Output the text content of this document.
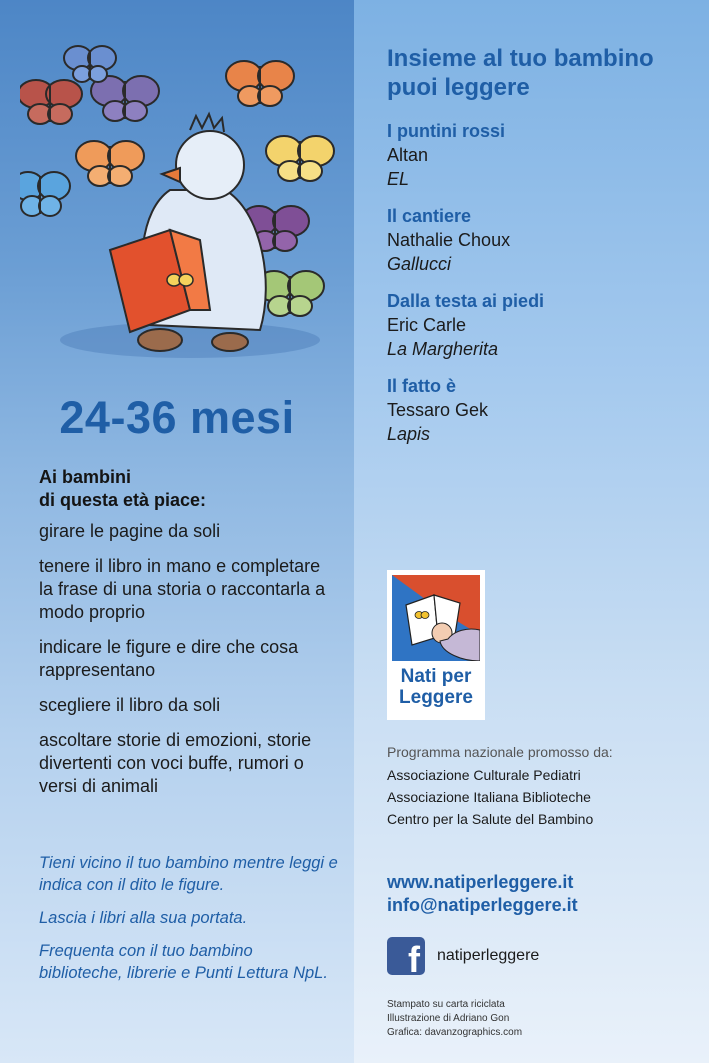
24-36 mesi
Ai bambini
di questa età piace:
girare le pagine da soli
tenere il libro in mano e completare la frase di una storia o raccontarla a modo proprio
indicare le figure e dire che cosa rappresentano
scegliere il libro da soli
ascoltare storie di emozioni, storie divertenti con voci buffe, rumori o versi di animali
Tieni vicino il tuo bambino mentre leggi e indica con il dito le figure.
Lascia i libri alla sua portata.
Frequenta con il tuo bambino biblioteche, librerie e Punti Lettura NpL.
Insieme al tuo bambino puoi leggere
I puntini rossi
Altan
EL
Il cantiere
Nathalie Choux
Gallucci
Dalla testa ai piedi
Eric Carle
La Margherita
Il fatto è
Tessaro Gek
Lapis
Nati per
Leggere
Programma nazionale promosso da:
Associazione Culturale Pediatri
Associazione Italiana Biblioteche
Centro per la Salute del Bambino
www.natiperleggere.it
info@natiperleggere.it
f natiperleggere
Stampato su carta riciclata
Illustrazione di Adriano Gon
Grafica: davanzographics.com
